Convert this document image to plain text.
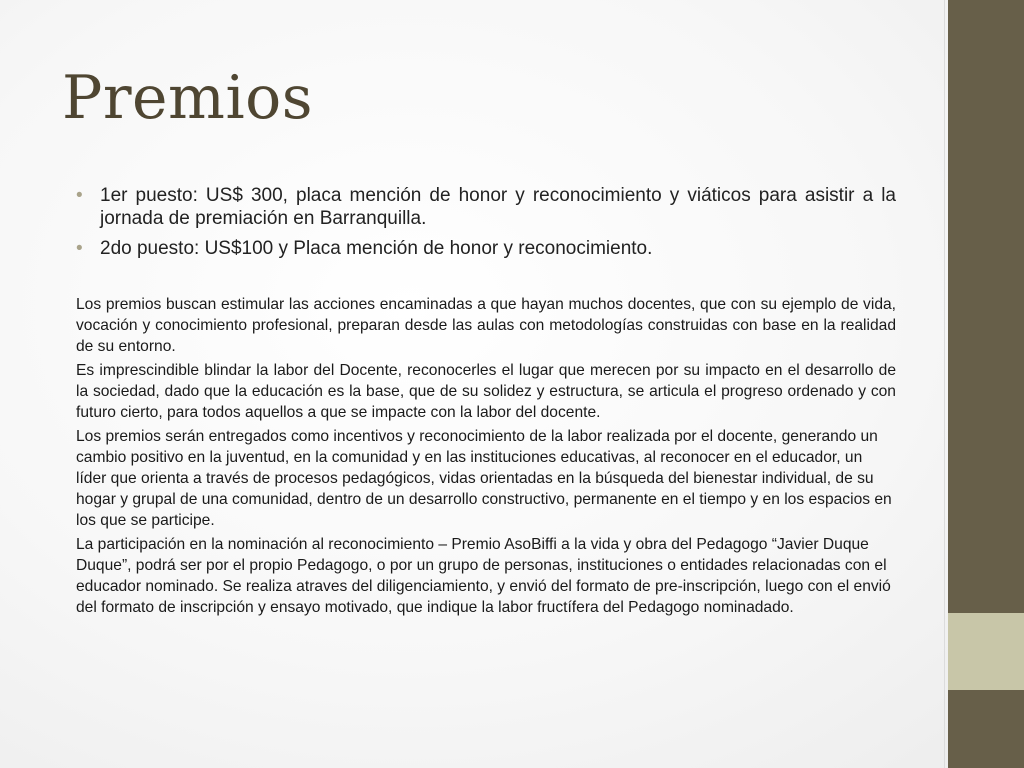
Premios
• 1er puesto: US$ 300, placa mención de honor y reconocimiento y viáticos para asistir a la jornada de premiación en Barranquilla.
• 2do puesto: US$100 y Placa mención de honor y reconocimiento.

Los premios buscan estimular las acciones encaminadas a que hayan muchos docentes, que con su ejemplo de vida, vocación y conocimiento profesional, preparan desde las aulas con metodologías construidas con base en la realidad de su entorno.

Es imprescindible blindar la labor del Docente, reconocerles el lugar que merecen por su impacto en el desarrollo de la sociedad, dado que la educación es la base, que de su solidez y estructura, se articula el progreso ordenado y con futuro cierto, para todos aquellos a que se impacte con la labor del docente.

Los premios serán entregados como incentivos y reconocimiento de la labor realizada por el docente, generando un cambio positivo en la juventud, en la comunidad y en las instituciones educativas, al reconocer en el educador, un líder que orienta a través de procesos pedagógicos, vidas orientadas en la búsqueda del bienestar individual, de su hogar y grupal de una comunidad, dentro de un desarrollo constructivo, permanente en el tiempo y en los espacios en los que se participe.

La participación en la nominación al reconocimiento – Premio AsoBiffi a la vida y obra del Pedagogo “Javier Duque Duque”, podrá ser por el propio Pedagogo, o por un grupo de personas, instituciones o entidades relacionadas con el educador nominado. Se realiza atraves del diligenciamiento, y envió del formato de pre-inscripción, luego con el envió del formato de inscripción y ensayo motivado, que indique la labor fructífera del Pedagogo nominadado.
